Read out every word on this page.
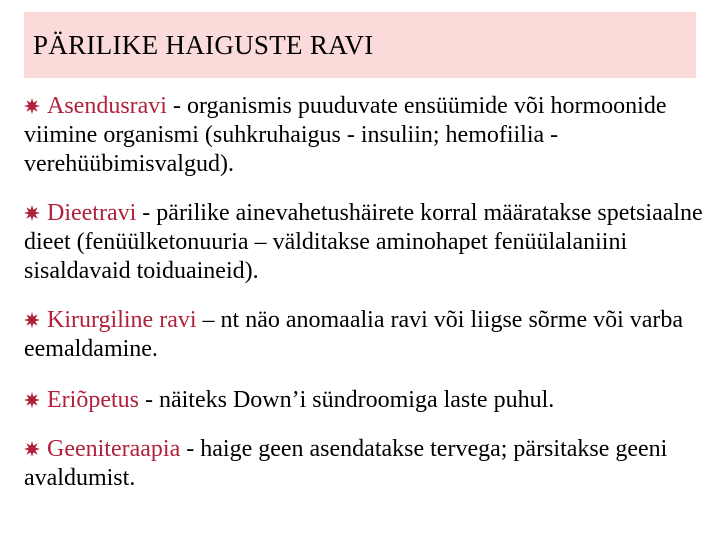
PÄRILIKE HAIGUSTE RAVI
Asendusravi - organismis puuduvate ensüümide või hormoonide viimine organismi (suhkruhaigus - insuliin; hemofiilia - verehüübimisvalgud).
Dieetravi - pärilike ainevahetushäirete korral määratakse spetsiaalne dieet (fenüülketonuuria – välditakse aminohapet fenüülalaniini sisaldavaid toiduaineid).
Kirurgiline ravi – nt näo anomaalia ravi või liigse sõrme või varba eemaldamine.
Eriõpetus - näiteks Down’i sündroomiga laste puhul.
Geeniteraapia - haige geen asendatakse tervega; pärsitakse geeni avaldumist.
